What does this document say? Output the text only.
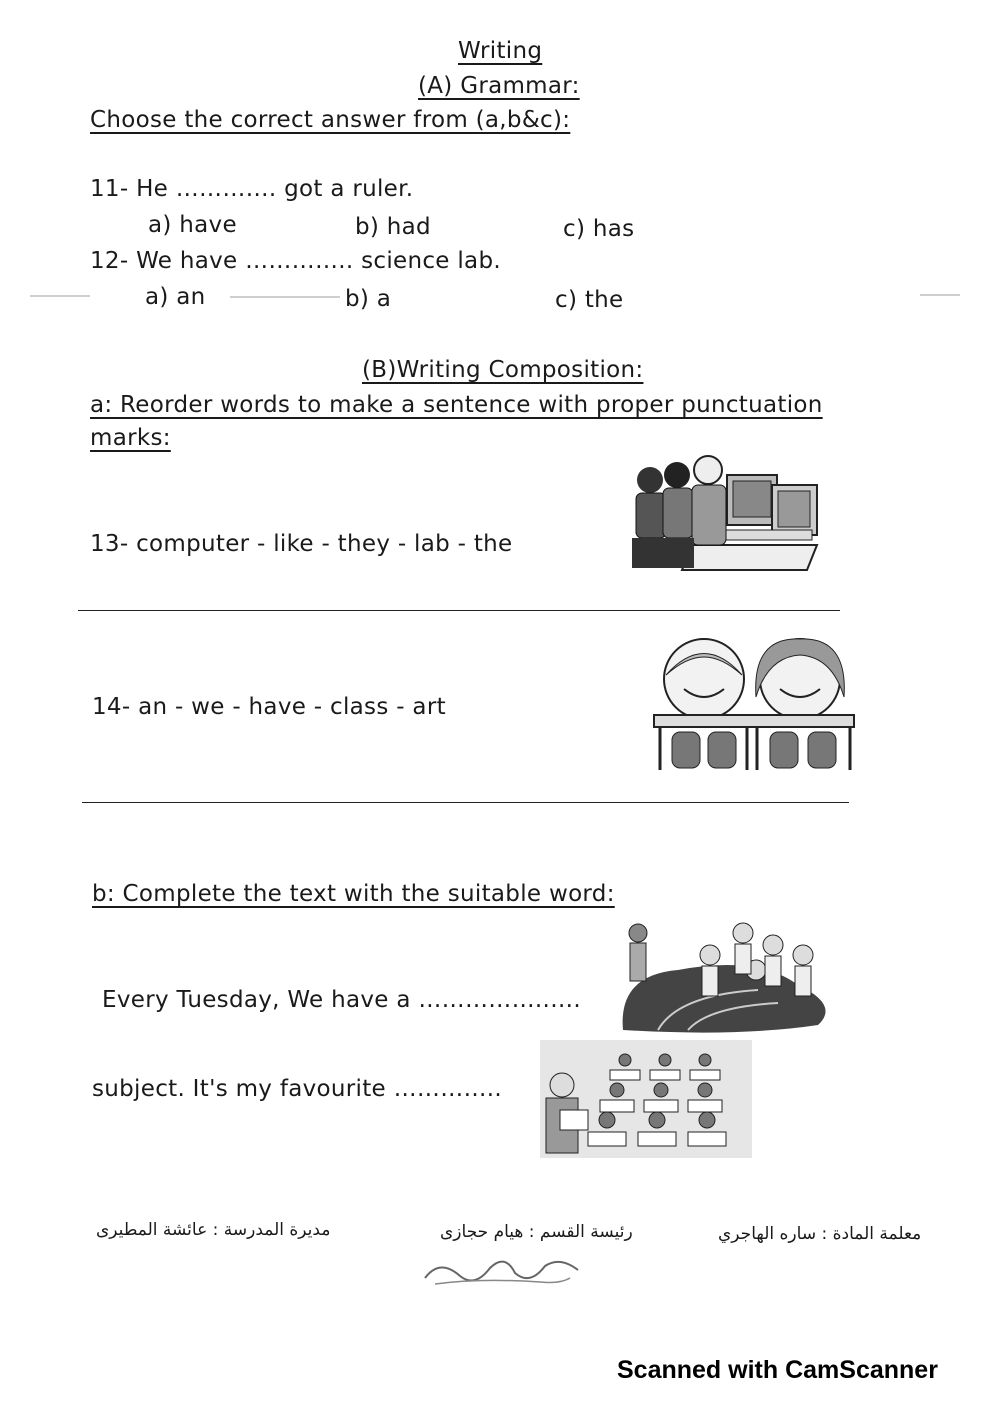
Writing
(A) Grammar:
Choose the correct answer from (a,b&c):
11- He …………. got a ruler.
a) have	b) had	c) has
12- We have ………….. science lab.
a) an	b) a	c) the
(B)Writing Composition:
a: Reorder words to make a sentence with proper punctuation
marks:
13- computer - like - they - lab - the
14- an - we - have - class - art
b: Complete the text with the suitable word:
Every Tuesday, We have a ……………..….
subject. It's my favourite …………..
مديرة المدرسة : عائشة المطيرى	رئيسة القسم : هيام حجازى	معلمة المادة : ساره الهاجري
Scanned with CamScanner
